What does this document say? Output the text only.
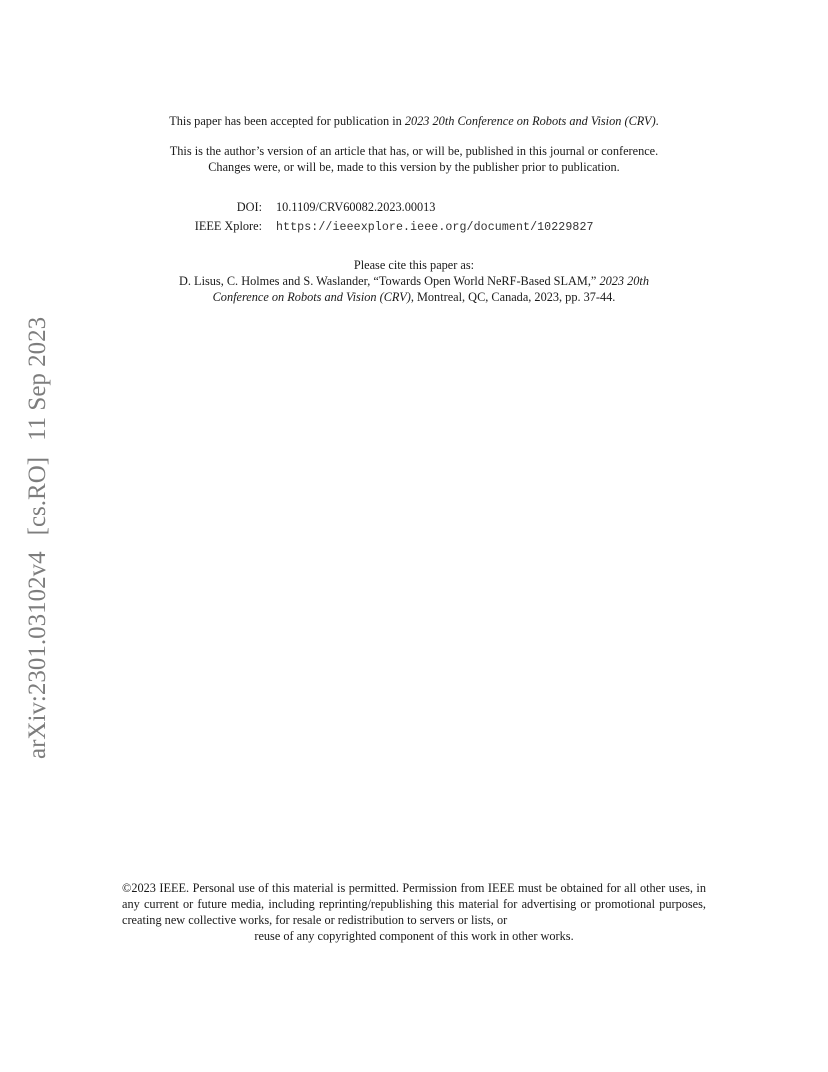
arXiv:2301.03102v4[cs.RO]11 Sep 2023
This paper has been accepted for publication in 2023 20th Conference on Robots and Vision (CRV).
This is the author’s version of an article that has, or will be, published in this journal or conference.
Changes were, or will be, made to this version by the publisher prior to publication.
DOI:	10.1109/CRV60082.2023.00013
IEEE Xplore:	https://ieeexplore.ieee.org/document/10229827
Please cite this paper as:
D. Lisus, C. Holmes and S. Waslander, “Towards Open World NeRF-Based SLAM,” 2023 20th
Conference on Robots and Vision (CRV), Montreal, QC, Canada, 2023, pp. 37-44.
©2023 IEEE. Personal use of this material is permitted. Permission from IEEE must be obtained for all other uses, in any current or future media, including reprinting/republishing this material for advertising or promotional purposes, creating new collective works, for resale or redistribution to servers or lists, or
reuse of any copyrighted component of this work in other works.
